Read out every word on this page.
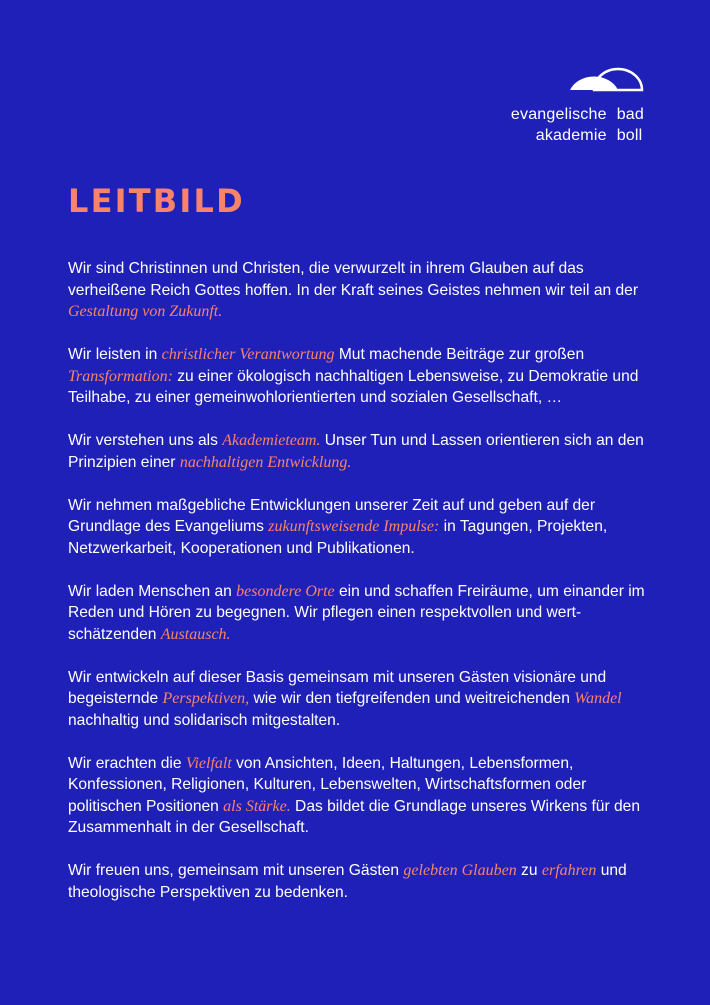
evangelische bad
akademie boll
LEITBILD

Wir sind Christinnen und Christen, die verwurzelt in ihrem Glauben auf das verheißene Reich Gottes hoffen. In der Kraft seines Geistes nehmen wir teil an der Gestaltung von Zukunft.

Wir leisten in christlicher Verantwortung Mut machende Beiträge zur großen Transformation: zu einer ökologisch nachhaltigen Lebensweise, zu Demokratie und Teilhabe, zu einer gemeinwohlorientierten und sozialen Gesellschaft, …

Wir verstehen uns als Akademieteam. Unser Tun und Lassen orientieren sich an den Prinzipien einer nachhaltigen Entwicklung.

Wir nehmen maßgebliche Entwicklungen unserer Zeit auf und geben auf der Grundlage des Evangeliums zukunftsweisende Impulse: in Tagungen, Projekten, Netzwerkarbeit, Kooperationen und Publikationen.

Wir laden Menschen an besondere Orte ein und schaffen Freiräume, um einander im Reden und Hören zu begegnen. Wir pflegen einen respektvollen und wert-schätzenden Austausch.

Wir entwickeln auf dieser Basis gemeinsam mit unseren Gästen visionäre und begeisternde Perspektiven, wie wir den tiefgreifenden und weitreichenden Wandel nachhaltig und solidarisch mitgestalten.

Wir erachten die Vielfalt von Ansichten, Ideen, Haltungen, Lebensformen, Konfessionen, Religionen, Kulturen, Lebenswelten, Wirtschaftsformen oder politischen Positionen als Stärke. Das bildet die Grundlage unseres Wirkens für den Zusammenhalt in der Gesellschaft.

Wir freuen uns, gemeinsam mit unseren Gästen gelebten Glauben zu erfahren und theologische Perspektiven zu bedenken.
